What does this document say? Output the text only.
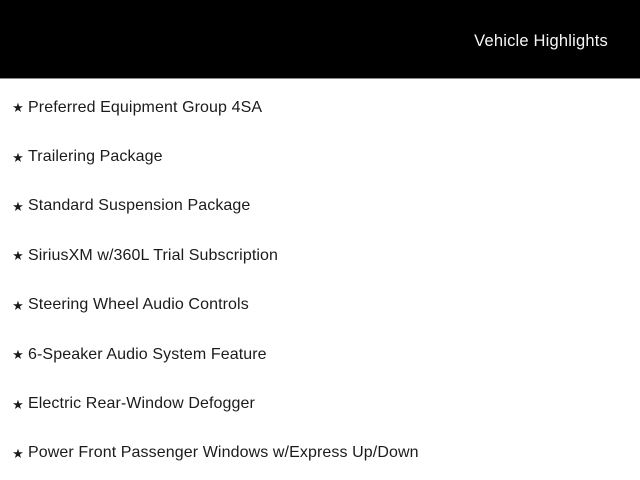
Vehicle Highlights
★ Preferred Equipment Group 4SA
★ Trailering Package
★ Standard Suspension Package
★ SiriusXM w/360L Trial Subscription
★ Steering Wheel Audio Controls
★ 6-Speaker Audio System Feature
★ Electric Rear-Window Defogger
★ Power Front Passenger Windows w/Express Up/Down
